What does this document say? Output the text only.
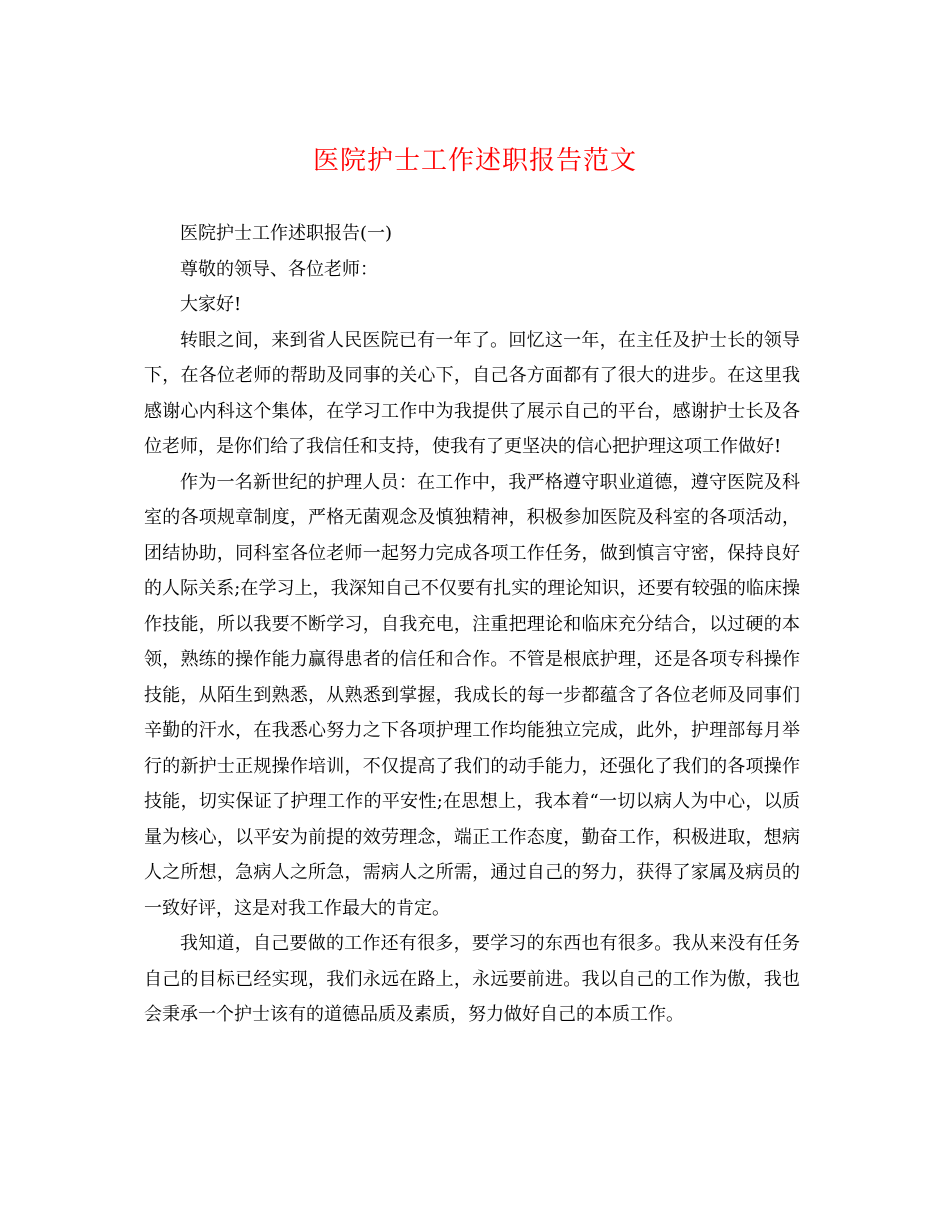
医院护士工作述职报告范文

医院护士工作述职报告(一)

尊敬的领导、各位老师：

大家好!

转眼之间，来到省人民医院已有一年了。回忆这一年，在主任及护士长的领导下，在各位老师的帮助及同事的关心下，自己各方面都有了很大的进步。在这里我感谢心内科这个集体，在学习工作中为我提供了展示自己的平台，感谢护士长及各位老师，是你们给了我信任和支持，使我有了更坚决的信心把护理这项工作做好!

作为一名新世纪的护理人员：在工作中，我严格遵守职业道德，遵守医院及科室的各项规章制度，严格无菌观念及慎独精神，积极参加医院及科室的各项活动，团结协助，同科室各位老师一起努力完成各项工作任务，做到慎言守密，保持良好的人际关系;在学习上，我深知自己不仅要有扎实的理论知识，还要有较强的临床操作技能，所以我要不断学习，自我充电，注重把理论和临床充分结合，以过硬的本领，熟练的操作能力赢得患者的信任和合作。不管是根底护理，还是各项专科操作技能，从陌生到熟悉，从熟悉到掌握，我成长的每一步都蕴含了各位老师及同事们辛勤的汗水，在我悉心努力之下各项护理工作均能独立完成，此外，护理部每月举行的新护士正规操作培训，不仅提高了我们的动手能力，还强化了我们的各项操作技能，切实保证了护理工作的平安性;在思想上，我本着“一切以病人为中心，以质量为核心，以平安为前提的效劳理念，端正工作态度，勤奋工作，积极进取，想病人之所想，急病人之所急，需病人之所需，通过自己的努力，获得了家属及病员的一致好评，这是对我工作最大的肯定。

我知道，自己要做的工作还有很多，要学习的东西也有很多。我从来没有任务自己的目标已经实现，我们永远在路上，永远要前进。我以自己的工作为傲，我也会秉承一个护士该有的道德品质及素质，努力做好自己的本质工作。
